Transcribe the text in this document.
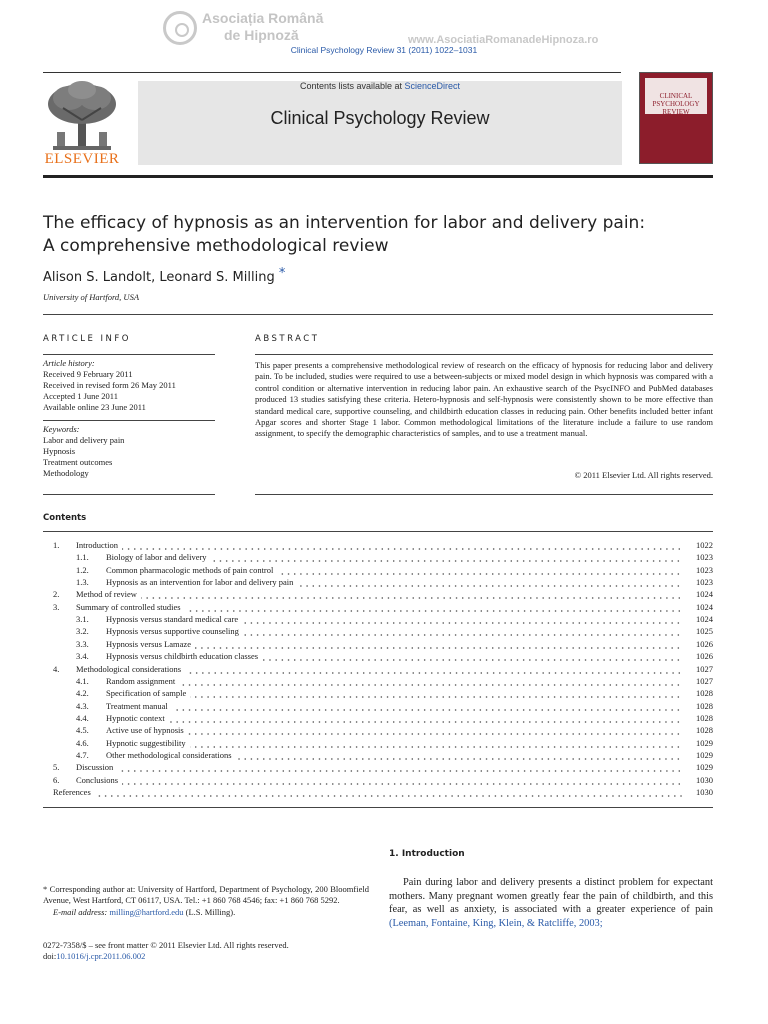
Asociația Română
de Hipnoză	www.AsociatiaRomanadeHipnoza.ro
Clinical Psychology Review 31 (2011) 1022–1031
ELSEVIER
Contents lists available at ScienceDirect
Clinical Psychology Review
CLINICAL PSYCHOLOGY REVIEW
The efficacy of hypnosis as an intervention for labor and delivery pain:
A comprehensive methodological review
Alison S. Landolt, Leonard S. Milling *
University of Hartford, USA
ARTICLE INFO
Article history:
Received 9 February 2011
Received in revised form 26 May 2011
Accepted 1 June 2011
Available online 23 June 2011
Keywords:
Labor and delivery pain
Hypnosis
Treatment outcomes
Methodology
ABSTRACT
This paper presents a comprehensive methodological review of research on the efficacy of hypnosis for reducing labor and delivery pain. To be included, studies were required to use a between-subjects or mixed model design in which hypnosis was compared with a control condition or alternative intervention in reducing labor pain. An exhaustive search of the PsycINFO and PubMed databases produced 13 studies satisfying these criteria. Hetero-hypnosis and self-hypnosis were consistently shown to be more effective than standard medical care, supportive counseling, and childbirth education classes in reducing pain. Other benefits included better infant Apgar scores and shorter Stage 1 labor. Common methodological limitations of the literature include a failure to use random assignment, to specify the demographic characteristics of samples, and to use a treatment manual.
© 2011 Elsevier Ltd. All rights reserved.
Contents
1. Introduction	1022
1.1. Biology of labor and delivery	1023
1.2. Common pharmacologic methods of pain control	1023
1.3. Hypnosis as an intervention for labor and delivery pain	1023
2. Method of review	1024
3. Summary of controlled studies	1024
3.1. Hypnosis versus standard medical care	1024
3.2. Hypnosis versus supportive counseling	1025
3.3. Hypnosis versus Lamaze	1026
3.4. Hypnosis versus childbirth education classes	1026
4. Methodological considerations	1027
4.1. Random assignment	1027
4.2. Specification of sample	1028
4.3. Treatment manual	1028
4.4. Hypnotic context	1028
4.5. Active use of hypnosis	1028
4.6. Hypnotic suggestibility	1029
4.7. Other methodological considerations	1029
5. Discussion	1029
6. Conclusions	1030
References	1030
* Corresponding author at: University of Hartford, Department of Psychology, 200 Bloomfield Avenue, West Hartford, CT 06117, USA. Tel.: +1 860 768 4546; fax: +1 860 768 5292.
E-mail address: milling@hartford.edu (L.S. Milling).
0272-7358/$ – see front matter © 2011 Elsevier Ltd. All rights reserved.
doi:10.1016/j.cpr.2011.06.002
1. Introduction
Pain during labor and delivery presents a distinct problem for expectant mothers. Many pregnant women greatly fear the pain of childbirth, and this fear, as well as anxiety, is associated with a greater experience of pain (Leeman, Fontaine, King, Klein, & Ratcliffe, 2003;
